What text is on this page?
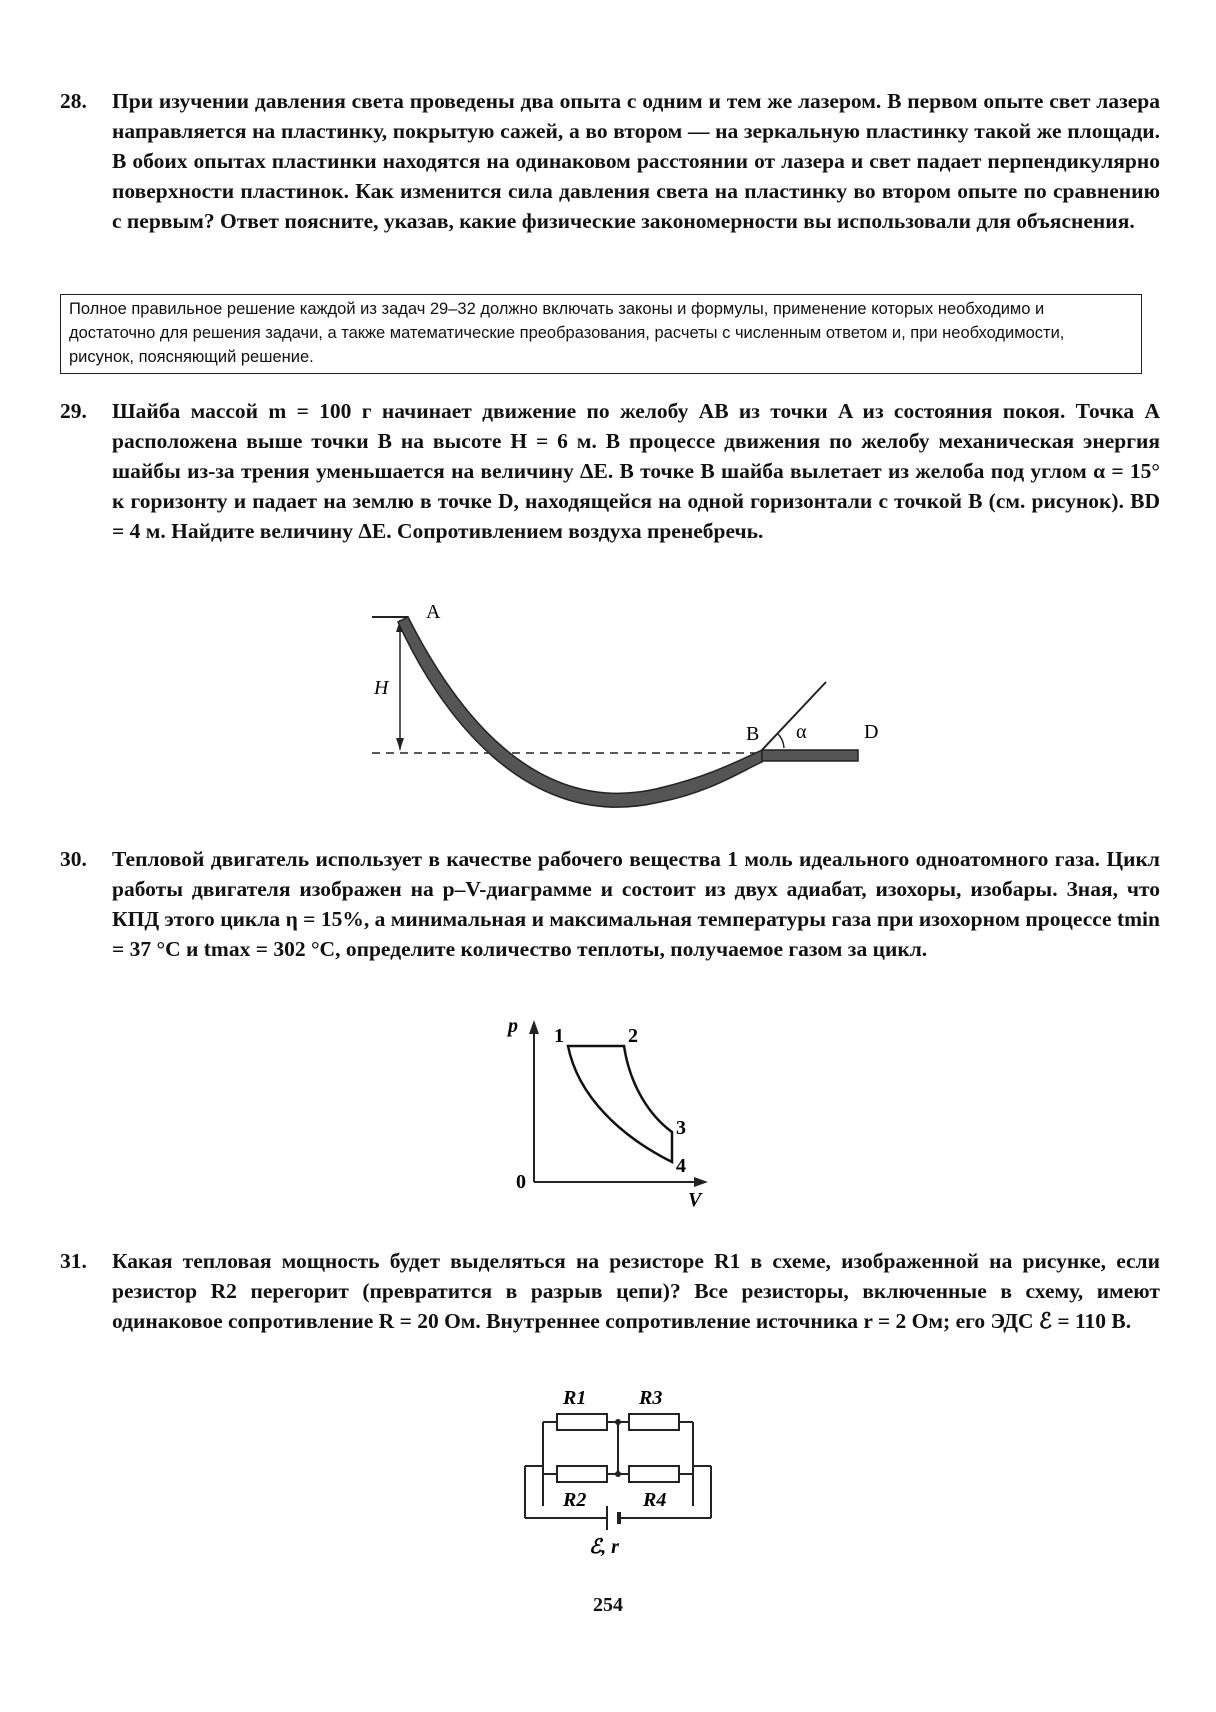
28. При изучении давления света проведены два опыта с одним и тем же лазером. В первом опыте свет лазера направляется на пластинку, покрытую сажей, а во втором — на зеркальную пластинку такой же площади. В обоих опытах пластинки находятся на одинаковом расстоянии от лазера и свет падает перпендикулярно поверхности пластинок. Как изменится сила давления света на пластинку во втором опыте по сравнению с первым? Ответ поясните, указав, какие физические закономерности вы использовали для объяснения.
Полное правильное решение каждой из задач 29–32 должно включать законы и формулы, применение которых необходимо и достаточно для решения задачи, а также математические преобразования, расчеты с численным ответом и, при необходимости, рисунок, поясняющий решение.
29. Шайба массой m = 100 г начинает движение по желобу AB из точки A из состояния покоя. Точка A расположена выше точки B на высоте H = 6 м. В процессе движения по желобу механическая энергия шайбы из-за трения уменьшается на величину ΔE. В точке B шайба вылетает из желоба под углом α = 15° к горизонту и падает на землю в точке D, находящейся на одной горизонтали с точкой B (см. рисунок). BD = 4 м. Найдите величину ΔE. Сопротивлением воздуха пренебречь.
A
H
B α	D
30. Тепловой двигатель использует в качестве рабочего вещества 1 моль идеального одноатомного газа. Цикл работы двигателя изображен на p–V-диаграмме и состоит из двух адиабат, изохоры, изобары. Зная, что КПД этого цикла η = 15%, а минимальная и максимальная температуры газа при изохорном процессе tmin = 37 °C и tmax = 302 °C, определите количество теплоты, получаемое газом за цикл.
p
V
0
1	2
3
4
31. Какая тепловая мощность будет выделяться на резисторе R1 в схеме, изображенной на рисунке, если резистор R2 перегорит (превратится в разрыв цепи)? Все резисторы, включенные в схему, имеют одинаковое сопротивление R = 20 Ом. Внутреннее сопротивление источника r = 2 Ом; его ЭДС ℰ = 110 В.
R1	R3
R2	R4
ℰ, r
254
